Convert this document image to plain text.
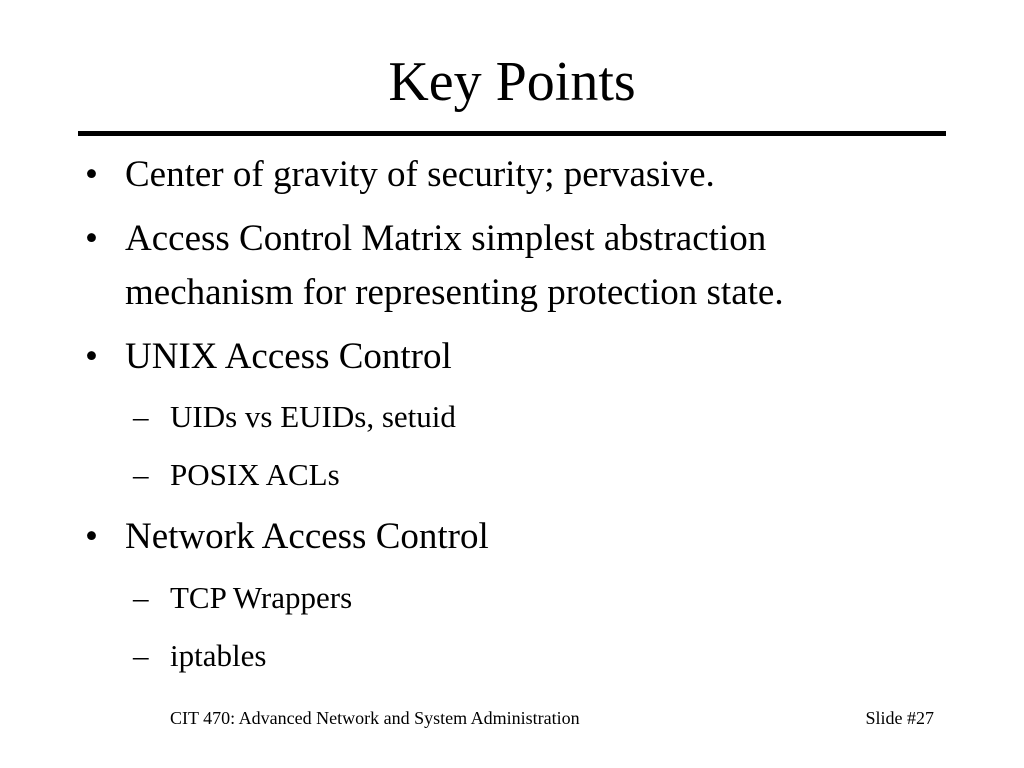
Key Points
• Center of gravity of security; pervasive.
• Access Control Matrix simplest abstraction
mechanism for representing protection state.
• UNIX Access Control
– UIDs vs EUIDs, setuid
– POSIX ACLs
• Network Access Control
– TCP Wrappers
– iptables
CIT 470: Advanced Network and System Administration	Slide #27
